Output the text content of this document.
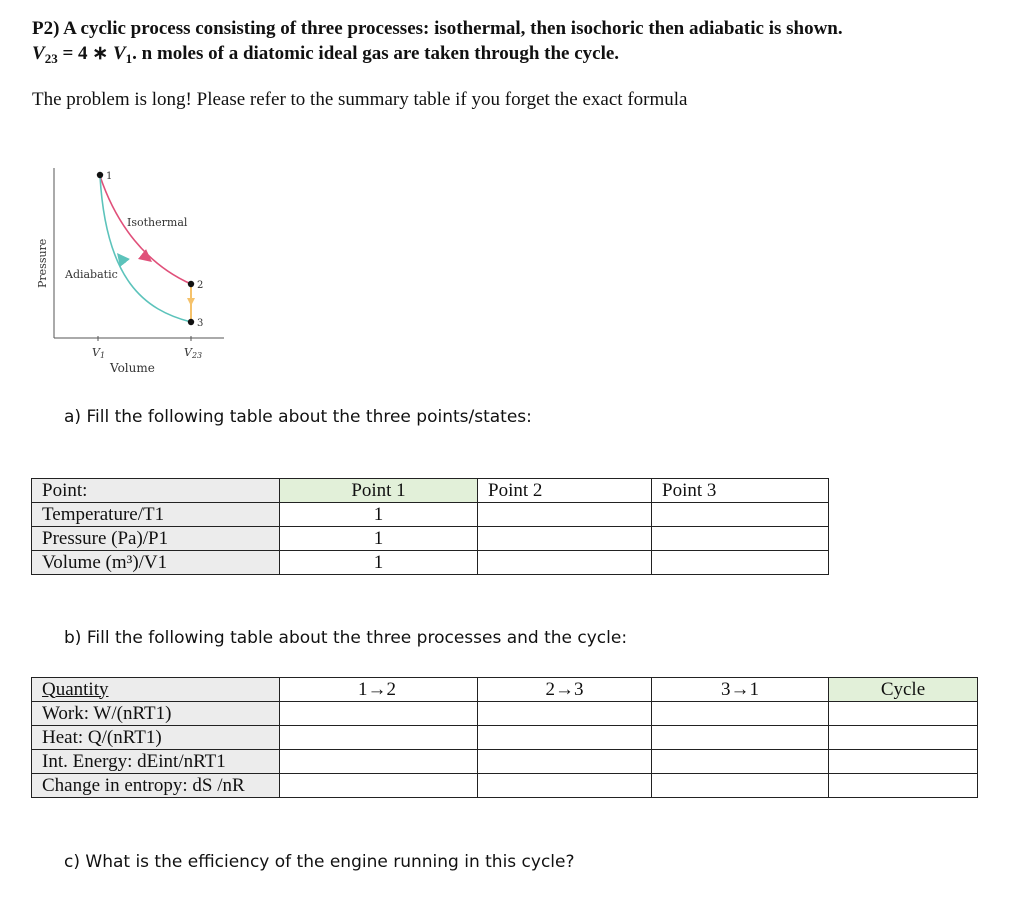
P2) A cyclic process consisting of three processes: isothermal, then isochoric then adiabatic is shown.
$V_{23} = 4$ ∗ $V_1$. n moles of a diatomic ideal gas are taken through the cycle.
The problem is long! Please refer to the summary table if you forget the exact formula
Pressure
Volume
V1	V23
1
2
3
Isothermal
Adiabatic
a) Fill the following table about the three points/states:
Point:	Point 1	Point 2	Point 3
Temperature/T1	1		
Pressure (Pa)/P1	1		
Volume (m³)/V1	1		
b) Fill the following table about the three processes and the cycle:
Quantity	1→2	2→3	3→1	Cycle
Work: W/(nRT1)				
Heat: Q/(nRT1)				
Int. Energy: dEint/nRT1				
Change in entropy: dS /nR				
c) What is the efficiency of the engine running in this cycle?
